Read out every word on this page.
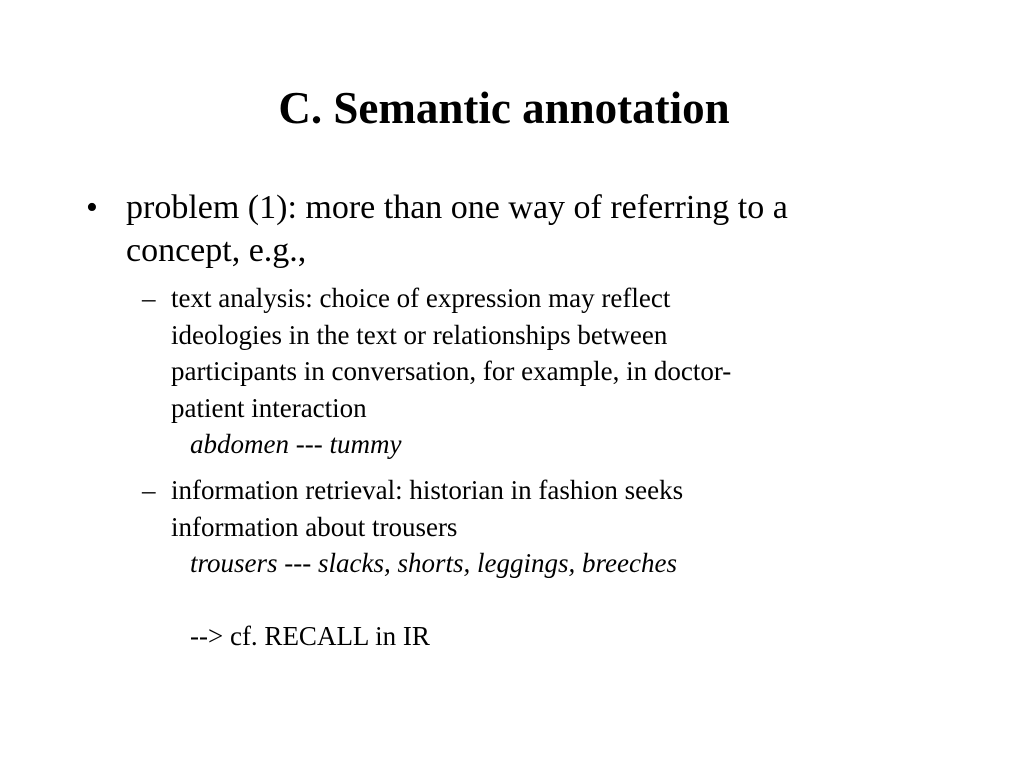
C. Semantic annotation
• problem (1): more than one way of referring to a
concept, e.g.,
– text analysis: choice of expression may reflect
ideologies in the text or relationships between
participants in conversation, for example, in doctor-
patient interaction
abdomen --- tummy
– information retrieval: historian in fashion seeks
information about trousers
trousers --- slacks, shorts, leggings, breeches
--> cf. RECALL in IR
